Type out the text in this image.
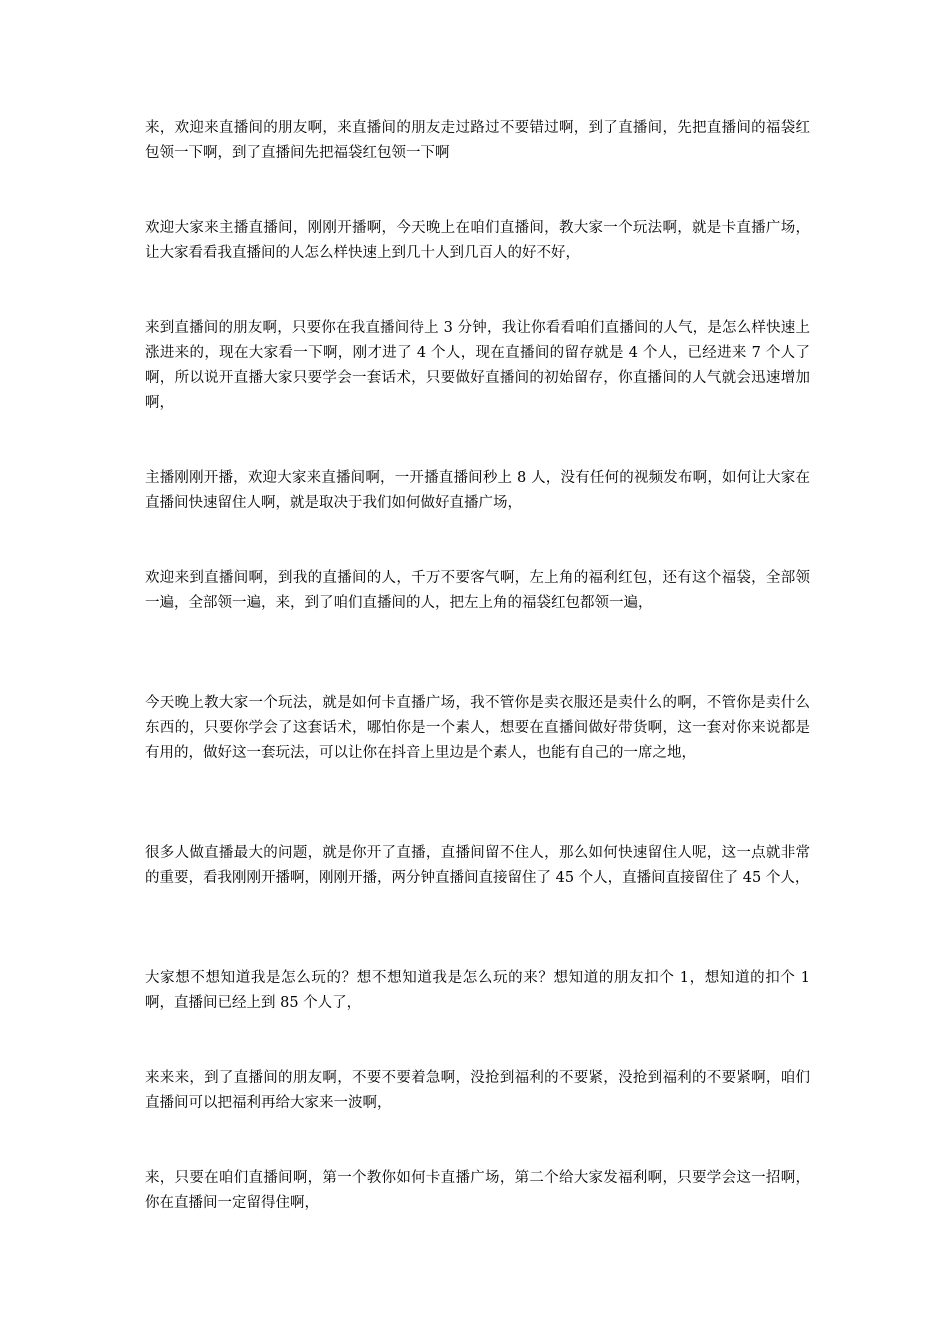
来，欢迎来直播间的朋友啊，来直播间的朋友走过路过不要错过啊，到了直播间，先把直播间的福袋红包领一下啊，到了直播间先把福袋红包领一下啊

欢迎大家来主播直播间，刚刚开播啊，今天晚上在咱们直播间，教大家一个玩法啊，就是卡直播广场，让大家看看我直播间的人怎么样快速上到几十人到几百人的好不好，

来到直播间的朋友啊，只要你在我直播间待上 3 分钟，我让你看看咱们直播间的人气，是怎么样快速上涨进来的，现在大家看一下啊，刚才进了 4 个人，现在直播间的留存就是 4 个人，已经进来 7 个人了啊，所以说开直播大家只要学会一套话术，只要做好直播间的初始留存，你直播间的人气就会迅速增加啊，

主播刚刚开播，欢迎大家来直播间啊，一开播直播间秒上 8 人，没有任何的视频发布啊，如何让大家在直播间快速留住人啊，就是取决于我们如何做好直播广场，

欢迎来到直播间啊，到我的直播间的人，千万不要客气啊，左上角的福利红包，还有这个福袋，全部领一遍，全部领一遍，来，到了咱们直播间的人，把左上角的福袋红包都领一遍，

今天晚上教大家一个玩法，就是如何卡直播广场，我不管你是卖衣服还是卖什么的啊，不管你是卖什么东西的，只要你学会了这套话术，哪怕你是一个素人，想要在直播间做好带货啊，这一套对你来说都是有用的，做好这一套玩法，可以让你在抖音上里边是个素人，也能有自己的一席之地，

很多人做直播最大的问题，就是你开了直播，直播间留不住人，那么如何快速留住人呢，这一点就非常的重要，看我刚刚开播啊，刚刚开播，两分钟直播间直接留住了 45 个人，直播间直接留住了 45 个人，

大家想不想知道我是怎么玩的？想不想知道我是怎么玩的来？想知道的朋友扣个 1，想知道的扣个 1 啊，直播间已经上到 85 个人了，

来来来，到了直播间的朋友啊，不要不要着急啊，没抢到福利的不要紧，没抢到福利的不要紧啊，咱们直播间可以把福利再给大家来一波啊，

来，只要在咱们直播间啊，第一个教你如何卡直播广场，第二个给大家发福利啊，只要学会这一招啊，你在直播间一定留得住啊，
